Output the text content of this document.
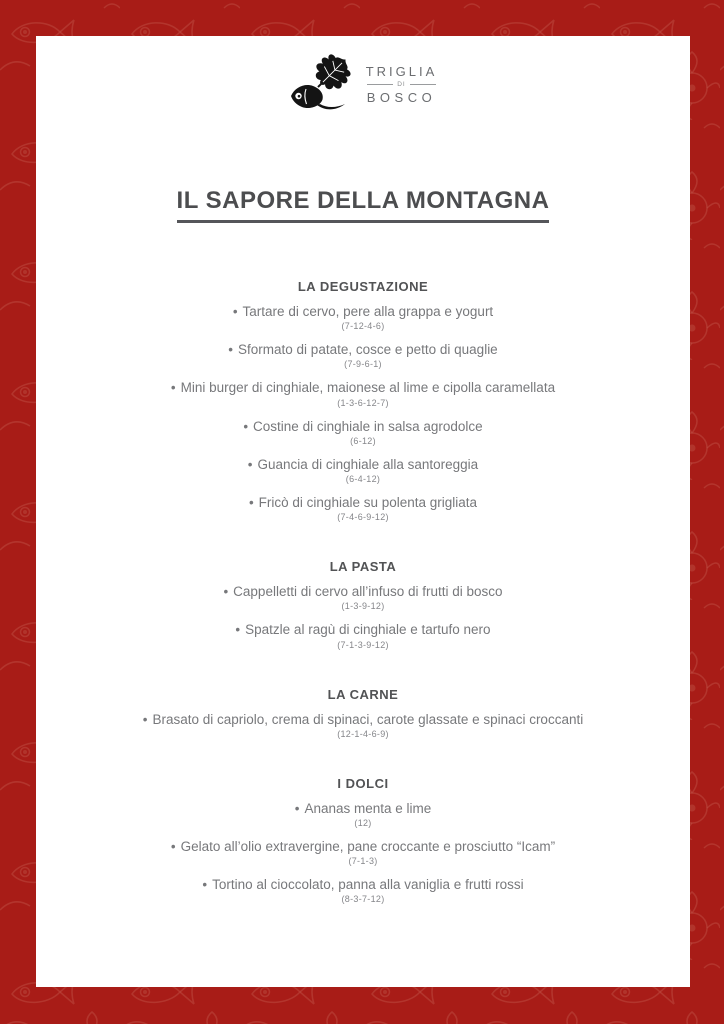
TRIGLIA
DI
BOSCO
IL SAPORE DELLA MONTAGNA
LA DEGUSTAZIONE
• Tartare di cervo, pere alla grappa e yogurt
(7-12-4-6)
• Sformato di patate, cosce e petto di quaglie
(7-9-6-1)
• Mini burger di cinghiale, maionese al lime e cipolla caramellata
(1-3-6-12-7)
• Costine di cinghiale in salsa agrodolce
(6-12)
• Guancia di cinghiale alla santoreggia
(6-4-12)
• Fricò di cinghiale su polenta grigliata
(7-4-6-9-12)
LA PASTA
• Cappelletti di cervo all’infuso di frutti di bosco
(1-3-9-12)
• Spatzle al ragù di cinghiale e tartufo nero
(7-1-3-9-12)
LA CARNE
• Brasato di capriolo, crema di spinaci, carote glassate e spinaci croccanti
(12-1-4-6-9)
I DOLCI
• Ananas menta e lime
(12)
• Gelato all’olio extravergine, pane croccante e prosciutto “Icam”
(7-1-3)
• Tortino al cioccolato, panna alla vaniglia e frutti rossi
(8-3-7-12)
